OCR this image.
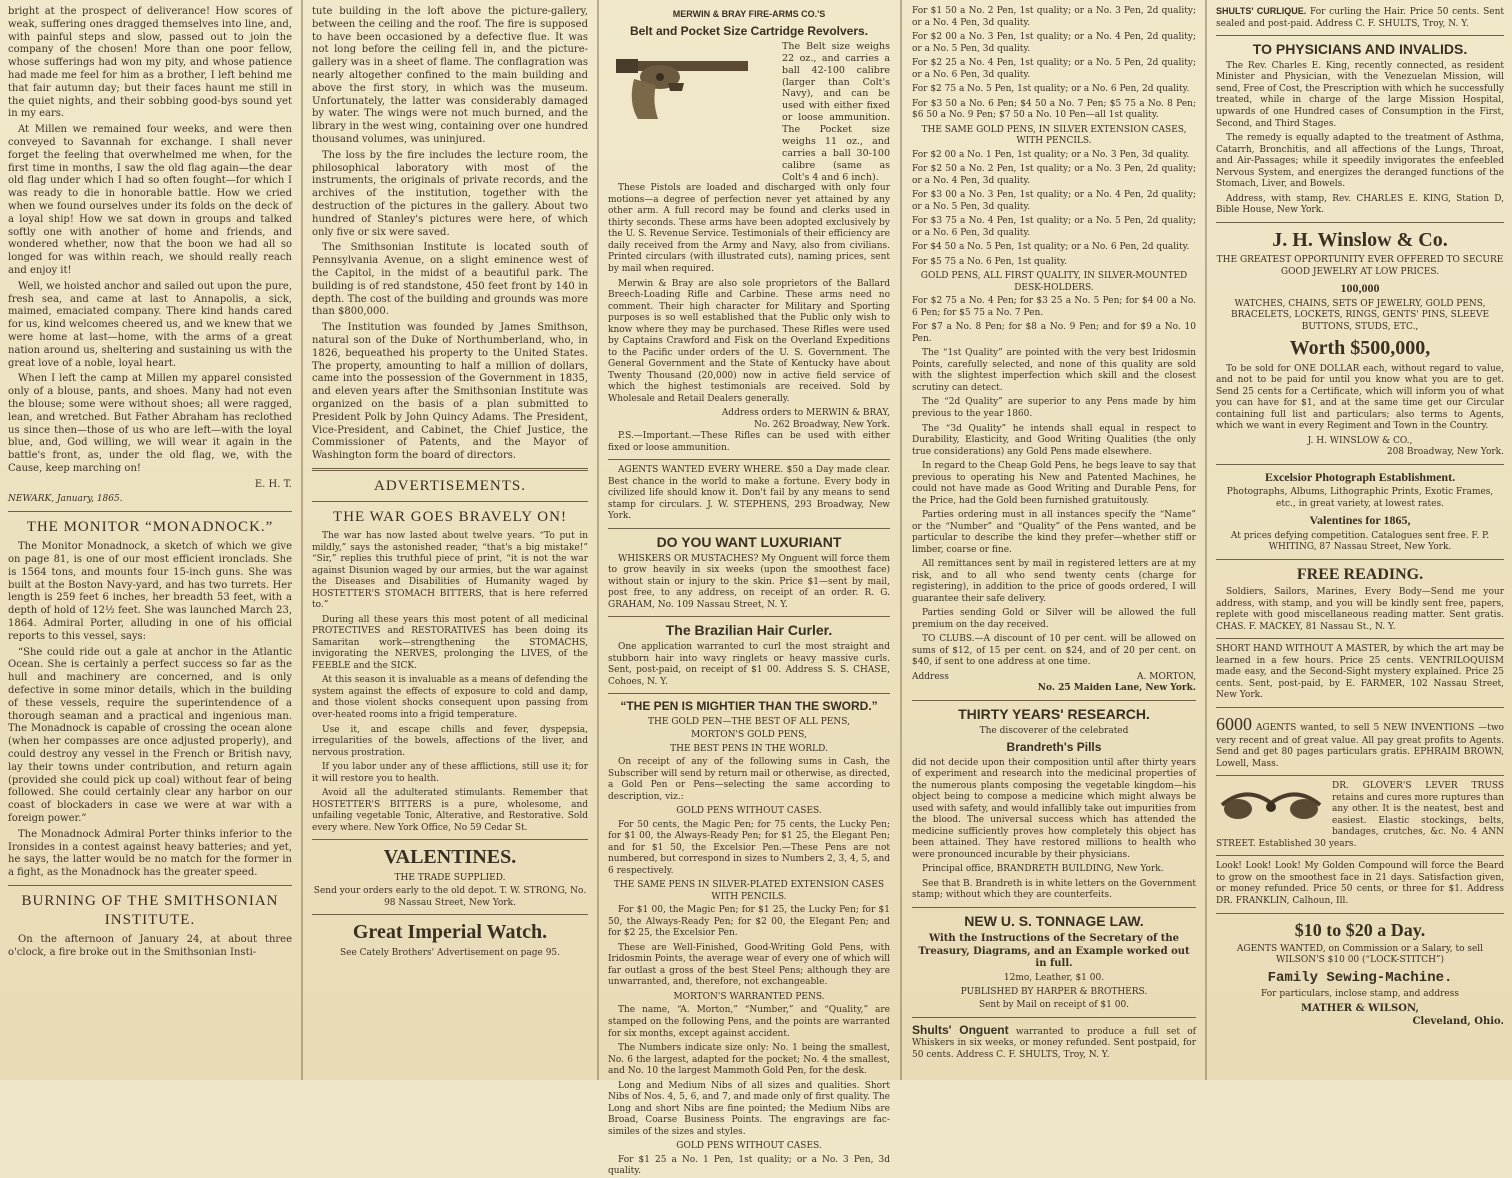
bright at the prospect of deliverance! How scores of weak, suffering ones dragged themselves into line, and, with painful steps and slow, passed out to join the company of the chosen! More than one poor fellow, whose sufferings had won my pity, and whose patience had made me feel for him as a brother, I left behind me that fair autumn day; but their faces haunt me still in the quiet nights, and their sobbing good-bys sound yet in my ears.

At Millen we remained four weeks, and were then conveyed to Savannah for exchange. I shall never forget the feeling that overwhelmed me when, for the first time in months, I saw the old flag again—the dear old flag under which I had so often fought—for which I was ready to die in honorable battle. How we cried when we found ourselves under its folds on the deck of a loyal ship! How we sat down in groups and talked softly one with another of home and friends, and wondered whether, now that the boon we had all so longed for was within reach, we should really reach and enjoy it!

Well, we hoisted anchor and sailed out upon the pure, fresh sea, and came at last to Annapolis, a sick, maimed, emaciated company. There kind hands cared for us, kind welcomes cheered us, and we knew that we were home at last—home, with the arms of a great nation around us, sheltering and sustaining us with the great love of a noble, loyal heart.

When I left the camp at Millen my apparel consisted only of a blouse, pants, and shoes. Many had not even the blouse; some were without shoes; all were ragged, lean, and wretched. But Father Abraham has reclothed us since then—those of us who are left—with the loyal blue, and, God willing, we will wear it again in the battle's front, as, under the old flag, we, with the Cause, keep marching on!

E. H. T.
NEWARK, January, 1865.
THE MONITOR “MONADNOCK.”

The Monitor Monadnock, a sketch of which we give on page 81, is one of our most efficient ironclads. She is 1564 tons, and mounts four 15-inch guns. She was built at the Boston Navy-yard, and has two turrets. Her length is 259 feet 6 inches, her breadth 53 feet, with a depth of hold of 12½ feet. She was launched March 23, 1864. Admiral Porter, alluding in one of his official reports to this vessel, says:

“She could ride out a gale at anchor in the Atlantic Ocean. She is certainly a perfect success so far as the hull and machinery are concerned, and is only defective in some minor details, which in the building of these vessels, require the superintendence of a thorough seaman and a practical and ingenious man. The Monadnock is capable of crossing the ocean alone (when her compasses are once adjusted properly), and could destroy any vessel in the French or British navy, lay their towns under contribution, and return again (provided she could pick up coal) without fear of being followed. She could certainly clear any harbor on our coast of blockaders in case we were at war with a foreign power.”

The Monadnock Admiral Porter thinks inferior to the Ironsides in a contest against heavy batteries; and yet, he says, the latter would be no match for the former in a fight, as the Monadnock has the greater speed.

BURNING OF THE SMITHSONIAN INSTITUTE.

On the afternoon of January 24, at about three o'clock, a fire broke out in the Smithsonian Insti-

tute building in the loft above the picture-gallery, between the ceiling and the roof. The fire is supposed to have been occasioned by a defective flue. It was not long before the ceiling fell in, and the picture-gallery was in a sheet of flame. The conflagration was nearly altogether confined to the main building and above the first story, in which was the museum. Unfortunately, the latter was considerably damaged by water. The wings were not much burned, and the library in the west wing, containing over one hundred thousand volumes, was uninjured.

The loss by the fire includes the lecture room, the philosophical laboratory with most of the instruments, the originals of private records, and the archives of the institution, together with the destruction of the pictures in the gallery. About two hundred of Stanley's pictures were here, of which only five or six were saved.

The Smithsonian Institute is located south of Pennsylvania Avenue, on a slight eminence west of the Capitol, in the midst of a beautiful park. The building is of red standstone, 450 feet front by 140 in depth. The cost of the building and grounds was more than $800,000.

The Institution was founded by James Smithson, natural son of the Duke of Northumberland, who, in 1826, bequeathed his property to the United States. The property, amounting to half a million of dollars, came into the possession of the Government in 1835, and eleven years after the Smithsonian Institute was organized on the basis of a plan submitted to President Polk by John Quincy Adams. The President, Vice-President, and Cabinet, the Chief Justice, the Commissioner of Patents, and the Mayor of Washington form the board of directors.

ADVERTISEMENTS.
THE WAR GOES BRAVELY ON!

The war has now lasted about twelve years. “To put in mildly,” says the astonished reader, “that's a big mistake!” “Sir,” replies this truthful piece of print, “it is not the war against Disunion waged by our armies, but the war against the Diseases and Disabilities of Humanity waged by HOSTETTER'S STOMACH BITTERS, that is here referred to.”

During all these years this most potent of all medicinal PROTECTIVES and RESTORATIVES has been doing its Samaritan work—strengthening the STOMACHS, invigorating the NERVES, prolonging the LIVES, of the FEEBLE and the SICK.

At this season it is invaluable as a means of defending the system against the effects of exposure to cold and damp, and those violent shocks consequent upon passing from over-heated rooms into a frigid temperature.

Use it, and escape chills and fever, dyspepsia, irregularities of the bowels, affections of the liver, and nervous prostration.

If you labor under any of these afflictions, still use it; for it will restore you to health.

Avoid all the adulterated stimulants. Remember that HOSTETTER'S BITTERS is a pure, wholesome, and unfailing vegetable Tonic, Alterative, and Restorative. Sold every where. New York Office, No 59 Cedar St.

VALENTINES.
THE TRADE SUPPLIED.
Send your orders early to the old depot. T. W. STRONG, No. 98 Nassau Street, New York.
Great Imperial Watch.
See Cately Brothers' Advertisement on page 95.
MERWIN & BRAY FIRE-ARMS CO.'S
Belt and Pocket Size Cartridge Revolvers.
The Belt size weighs 22 oz., and carries a ball 42-100 calibre (larger than Colt's Navy), and can be used with either fixed or loose ammunition. The Pocket size weighs 11 oz., and carries a ball 30-100 calibre (same as Colt's 4 and 6 inch).

These Pistols are loaded and discharged with only four motions—a degree of perfection never yet attained by any other arm. A full record may be found and clerks used in thirty seconds. These arms have been adopted exclusively by the U. S. Revenue Service. Testimonials of their efficiency are daily received from the Army and Navy, also from civilians. Printed circulars (with illustrated cuts), naming prices, sent by mail when required.

Merwin & Bray are also sole proprietors of the Ballard Breech-Loading Rifle and Carbine. These arms need no comment. Their high character for Military and Sporting purposes is so well established that the Public only wish to know where they may be purchased. These Rifles were used by Captains Crawford and Fisk on the Overland Expeditions to the Pacific under orders of the U. S. Government. The General Government and the State of Kentucky have about Twenty Thousand (20,000) now in active field service of which the highest testimonials are received. Sold by Wholesale and Retail Dealers generally.

Address orders to MERWIN & BRAY,
No. 262 Broadway, New York.

P.S.—Important.—These Rifles can be used with either fixed or loose ammunition.

AGENTS WANTED EVERY WHERE. $50 a Day made clear. Best chance in the world to make a fortune. Every body in civilized life should know it. Don't fail by any means to send stamp for circulars. J. W. STEPHENS, 293 Broadway, New York.

DO YOU WANT LUXURIANT

WHISKERS OR MUSTACHES? My Onguent will force them to grow heavily in six weeks (upon the smoothest face) without stain or injury to the skin. Price $1—sent by mail, post free, to any address, on receipt of an order. R. G. GRAHAM, No. 109 Nassau Street, N. Y.

The Brazilian Hair Curler.

One application warranted to curl the most straight and stubborn hair into wavy ringlets or heavy massive curls. Sent, post-paid, on receipt of $1 00. Address S. S. CHASE, Cohoes, N. Y.

“THE PEN IS MIGHTIER THAN THE SWORD.”
THE GOLD PEN—THE BEST OF ALL PENS,
MORTON'S GOLD PENS,
THE BEST PENS IN THE WORLD.

On receipt of any of the following sums in Cash, the Subscriber will send by return mail or otherwise, as directed, a Gold Pen or Pens—selecting the same according to description, viz.:

GOLD PENS WITHOUT CASES.

For 50 cents, the Magic Pen; for 75 cents, the Lucky Pen; for $1 00, the Always-Ready Pen; for $1 25, the Elegant Pen; and for $1 50, the Excelsior Pen.—These Pens are not numbered, but correspond in sizes to Numbers 2, 3, 4, 5, and 6 respectively.

THE SAME PENS IN SILVER-PLATED EXTENSION CASES WITH PENCILS.

For $1 00, the Magic Pen; for $1 25, the Lucky Pen; for $1 50, the Always-Ready Pen; for $2 00, the Elegant Pen; and for $2 25, the Excelsior Pen.

These are Well-Finished, Good-Writing Gold Pens, with Iridosmin Points, the average wear of every one of which will far outlast a gross of the best Steel Pens; although they are unwarranted, and, therefore, not exchangeable.

MORTON'S WARRANTED PENS.

The name, “A. Morton,” “Number,” and “Quality,” are stamped on the following Pens, and the points are warranted for six months, except against accident.

The Numbers indicate size only: No. 1 being the smallest, No. 6 the largest, adapted for the pocket; No. 4 the smallest, and No. 10 the largest Mammoth Gold Pen, for the desk.

Long and Medium Nibs of all sizes and qualities. Short Nibs of Nos. 4, 5, 6, and 7, and made only of first quality. The Long and short Nibs are fine pointed; the Medium Nibs are Broad, Coarse Business Points. The engravings are fac-similes of the sizes and styles.

GOLD PENS WITHOUT CASES.

For $1 25 a No. 1 Pen, 1st quality; or a No. 3 Pen, 3d quality.

For $1 50 a No. 2 Pen, 1st quality; or a No. 3 Pen, 2d quality; or a No. 4 Pen, 3d quality.

For $2 00 a No. 3 Pen, 1st quality; or a No. 4 Pen, 2d quality; or a No. 5 Pen, 3d quality.

For $2 25 a No. 4 Pen, 1st quality; or a No. 5 Pen, 2d quality; or a No. 6 Pen, 3d quality.

For $2 75 a No. 5 Pen, 1st quality; or a No. 6 Pen, 2d quality.

For $3 50 a No. 6 Pen; $4 50 a No. 7 Pen; $5 75 a No. 8 Pen; $6 50 a No. 9 Pen; $7 50 a No. 10 Pen—all 1st quality.

THE SAME GOLD PENS, IN SILVER EXTENSION CASES, WITH PENCILS.

For $2 00 a No. 1 Pen, 1st quality; or a No. 3 Pen, 3d quality.

For $2 50 a No. 2 Pen, 1st quality; or a No. 3 Pen, 2d quality; or a No. 4 Pen, 3d quality.

For $3 00 a No. 3 Pen, 1st quality; or a No. 4 Pen, 2d quality; or a No. 5 Pen, 3d quality.

For $3 75 a No. 4 Pen, 1st quality; or a No. 5 Pen, 2d quality; or a No. 6 Pen, 3d quality.

For $4 50 a No. 5 Pen, 1st quality; or a No. 6 Pen, 2d quality.

For $5 75 a No. 6 Pen, 1st quality.

GOLD PENS, ALL FIRST QUALITY, IN SILVER-MOUNTED DESK-HOLDERS.

For $2 75 a No. 4 Pen; for $3 25 a No. 5 Pen; for $4 00 a No. 6 Pen; for $5 75 a No. 7 Pen.

For $7 a No. 8 Pen; for $8 a No. 9 Pen; and for $9 a No. 10 Pen.

The “1st Quality” are pointed with the very best Iridosmin Points, carefully selected, and none of this quality are sold with the slightest imperfection which skill and the closest scrutiny can detect.

The “2d Quality” are superior to any Pens made by him previous to the year 1860.

The “3d Quality” he intends shall equal in respect to Durability, Elasticity, and Good Writing Qualities (the only true considerations) any Gold Pens made elsewhere.

In regard to the Cheap Gold Pens, he begs leave to say that previous to operating his New and Patented Machines, he could not have made as Good Writing and Durable Pens, for the Price, had the Gold been furnished gratuitously.

Parties ordering must in all instances specify the “Name” or the “Number” and “Quality” of the Pens wanted, and be particular to describe the kind they prefer—whether stiff or limber, coarse or fine.

All remittances sent by mail in registered letters are at my risk, and to all who send twenty cents (charge for registering), in addition to the price of goods ordered, I will guarantee their safe delivery.

Parties sending Gold or Silver will be allowed the full premium on the day received.

TO CLUBS.—A discount of 10 per cent. will be allowed on sums of $12, of 15 per cent. on $24, and of 20 per cent. on $40, if sent to one address at one time.

Address	A. MORTON,
No. 25 Maiden Lane, New York.
THIRTY YEARS' RESEARCH.
The discoverer of the celebrated
Brandreth's Pills

did not decide upon their composition until after thirty years of experiment and research into the medicinal properties of the numerous plants composing the vegetable kingdom—his object being to compose a medicine which might always be used with safety, and would infallibly take out impurities from the blood. The universal success which has attended the medicine sufficiently proves how completely this object has been attained. They have restored millions to health who were pronounced incurable by their physicians.

Principal office, BRANDRETH BUILDING, New York.

See that B. Brandreth is in white letters on the Government stamp; without which they are counterfeits.

NEW U. S. TONNAGE LAW.
With the Instructions of the Secretary of the Treasury, Diagrams, and an Example worked out in full.
12mo, Leather, $1 00.
PUBLISHED BY HARPER & BROTHERS.
Sent by Mail on receipt of $1 00.
Shults' Onguent warranted to produce a full set of Whiskers in six weeks, or money refunded. Sent postpaid, for 50 cents. Address C. F. SHULTS, Troy, N. Y.
SHULTS' CURLIQUE. For curling the Hair. Price 50 cents. Sent sealed and post-paid. Address C. F. SHULTS, Troy, N. Y.
TO PHYSICIANS AND INVALIDS.

The Rev. Charles E. King, recently connected, as resident Minister and Physician, with the Venezuelan Mission, will send, Free of Cost, the Prescription with which he successfully treated, while in charge of the large Mission Hospital, upwards of one Hundred cases of Consumption in the First, Second, and Third Stages.

The remedy is equally adapted to the treatment of Asthma, Catarrh, Bronchitis, and all affections of the Lungs, Throat, and Air-Passages; while it speedily invigorates the enfeebled Nervous System, and energizes the deranged functions of the Stomach, Liver, and Bowels.

Address, with stamp, Rev. CHARLES E. KING, Station D, Bible House, New York.

J. H. Winslow & Co.
THE GREATEST OPPORTUNITY EVER OFFERED TO SECURE GOOD JEWELRY AT LOW PRICES.
100,000
WATCHES, CHAINS, SETS OF JEWELRY, GOLD PENS, BRACELETS, LOCKETS, RINGS, GENTS' PINS, SLEEVE BUTTONS, STUDS, ETC.,
Worth $500,000,

To be sold for ONE DOLLAR each, without regard to value, and not to be paid for until you know what you are to get. Send 25 cents for a Certificate, which will inform you of what you can have for $1, and at the same time get our Circular containing full list and particulars; also terms to Agents, which we want in every Regiment and Town in the Country.

J. H. WINSLOW & CO.,
208 Broadway, New York.
Excelsior Photograph Establishment.
Photographs, Albums, Lithographic Prints, Exotic Frames, etc., in great variety, at lowest rates.
Valentines for 1865,
At prices defying competition. Catalogues sent free. F. P. WHITING, 87 Nassau Street, New York.
FREE READING.

Soldiers, Sailors, Marines, Every Body—Send me your address, with stamp, and you will be kindly sent free, papers, replete with good miscellaneous reading matter. Sent gratis. CHAS. F. MACKEY, 81 Nassau St., N. Y.

SHORT HAND WITHOUT A MASTER, by which the art may be learned in a few hours. Price 25 cents. VENTRILOQUISM made easy, and the Second-Sight mystery explained. Price 25 cents. Sent, post-paid, by E. FARMER, 102 Nassau Street, New York.

6000 AGENTS wanted, to sell 5 NEW INVENTIONS —two very recent and of great value. All pay great profits to Agents. Send and get 80 pages particulars gratis. EPHRAIM BROWN, Lowell, Mass.
DR. GLOVER'S LEVER TRUSS retains and cures more ruptures than any other. It is the neatest, best and easiest. Elastic stockings, belts, bandages, crutches, &c. No. 4 ANN STREET. Established 30 years.

Look! Look! Look! My Golden Compound will force the Beard to grow on the smoothest face in 21 days. Satisfaction given, or money refunded. Price 50 cents, or three for $1. Address DR. FRANKLIN, Calhoun, Ill.

$10 to $20 a Day.
AGENTS WANTED, on Commission or a Salary, to sell WILSON'S $10 00 (“LOCK-STITCH”)
Family Sewing-Machine.
For particulars, inclose stamp, and address
MATHER & WILSON,
Cleveland, Ohio.
